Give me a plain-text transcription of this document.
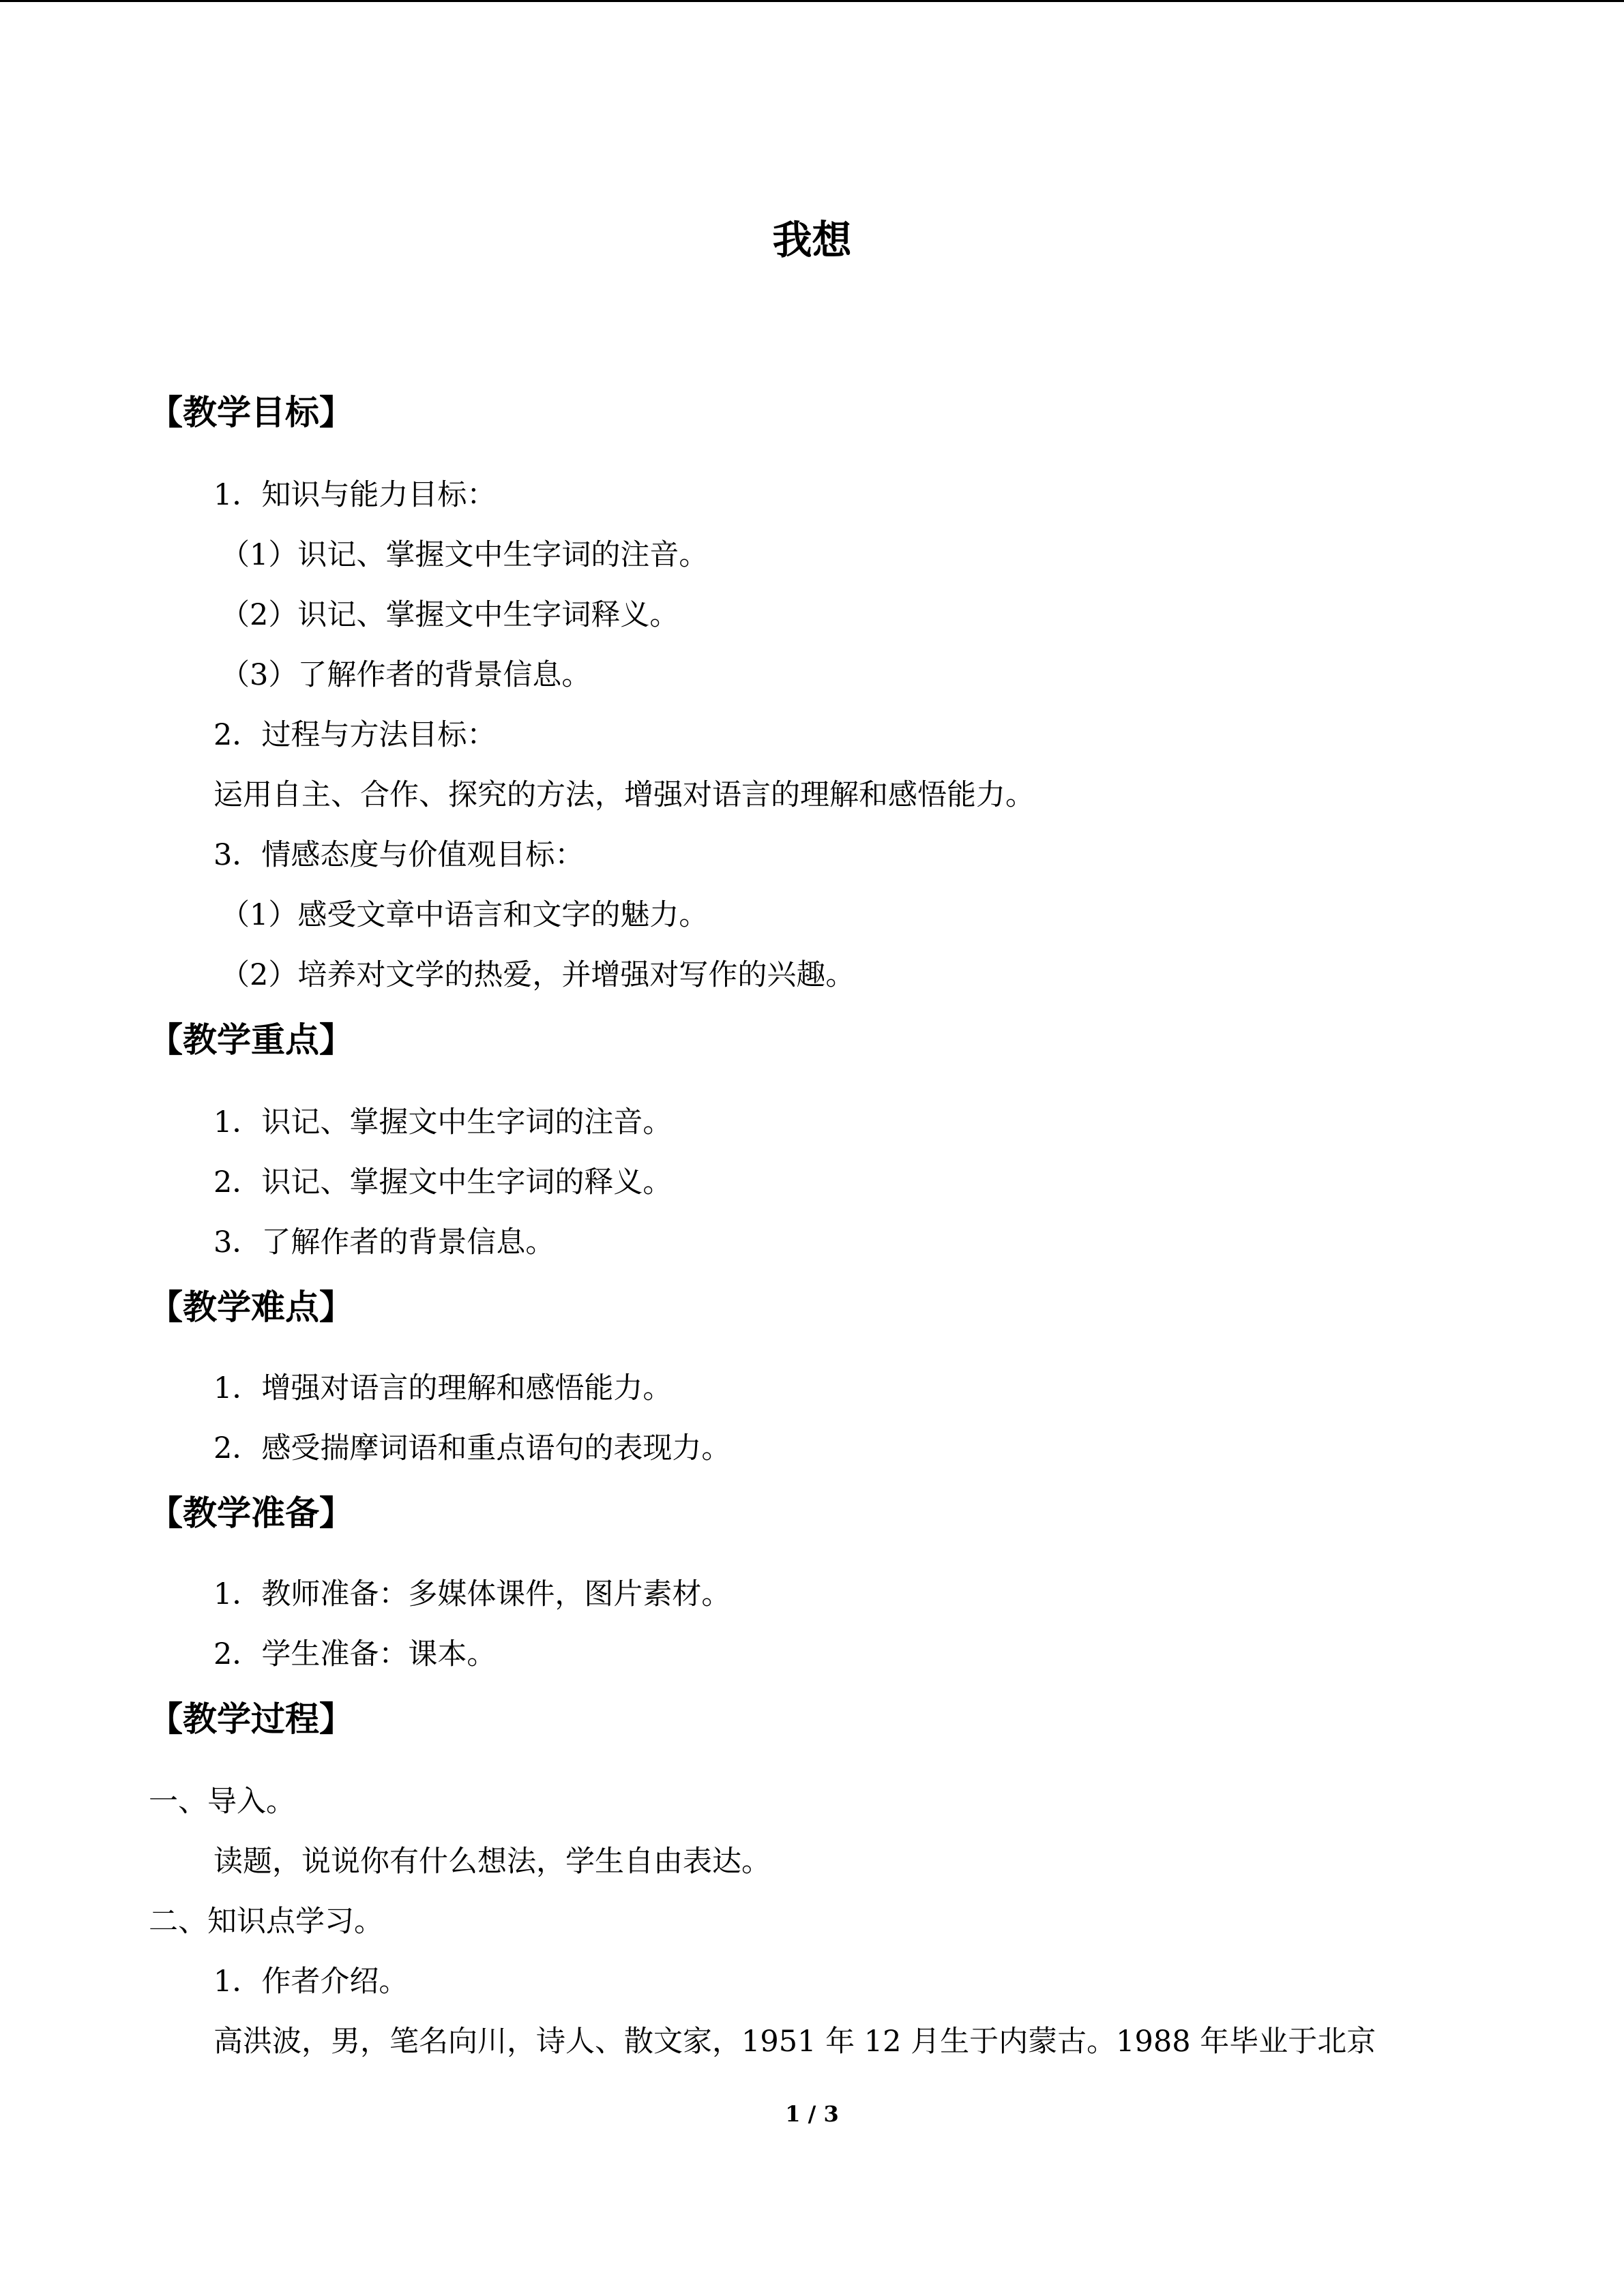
我想
【教学目标】
1．知识与能力目标：
（1）识记、掌握文中生字词的注音。
（2）识记、掌握文中生字词释义。
（3）了解作者的背景信息。
2．过程与方法目标：
运用自主、合作、探究的方法，增强对语言的理解和感悟能力。
3．情感态度与价值观目标：
（1）感受文章中语言和文字的魅力。
（2）培养对文学的热爱，并增强对写作的兴趣。
【教学重点】
1．识记、掌握文中生字词的注音。
2．识记、掌握文中生字词的释义。
3．了解作者的背景信息。
【教学难点】
1．增强对语言的理解和感悟能力。
2．感受揣摩词语和重点语句的表现力。
【教学准备】
1．教师准备：多媒体课件，图片素材。
2．学生准备：课本。
【教学过程】
一、导入。
读题，说说你有什么想法，学生自由表达。
二、知识点学习。
1．作者介绍。
高洪波，男，笔名向川，诗人、散文家，1951 年 12 月生于内蒙古。1988 年毕业于北京
1 / 3
